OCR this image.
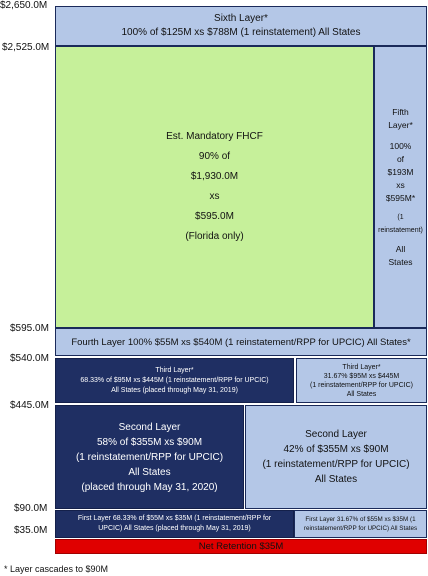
$2,650.0M
$2,525.0M
$595.0M
$540.0M
$445.0M
$90.0M
$35.0M
Sixth Layer*
100% of $125M xs $788M (1 reinstatement) All States
Est. Mandatory FHCF
90% of
$1,930.0M
xs
$595.0M
(Florida only)
Fifth
Layer*
100%
of
$193M
xs
$595M*
(1
reinstatement)
All
States
Fourth Layer 100% $55M xs $540M (1 reinstatement/RPP for UPCIC) All States*
Third Layer*
68.33% of $95M xs $445M (1 reinstatement/RPP for UPCIC)
All States (placed through May 31, 2019)
Third Layer*
31.67% $95M xs $445M
(1 reinstatement/RPP for UPCIC)
All States
Second Layer
58% of $355M xs $90M
(1 reinstatement/RPP for UPCIC)
All States
(placed through May 31, 2020)
Second Layer
42% of $355M xs $90M
(1 reinstatement/RPP for UPCIC)
All States
First Layer 68.33% of $55M xs $35M (1 reinstatement/RPP for
UPCIC) All States (placed through May 31, 2019)
First Layer 31.67% of $55M xs $35M (1
reinstatement/RPP for UPCIC) All States
Net Retention $35M
* Layer cascades to $90M
